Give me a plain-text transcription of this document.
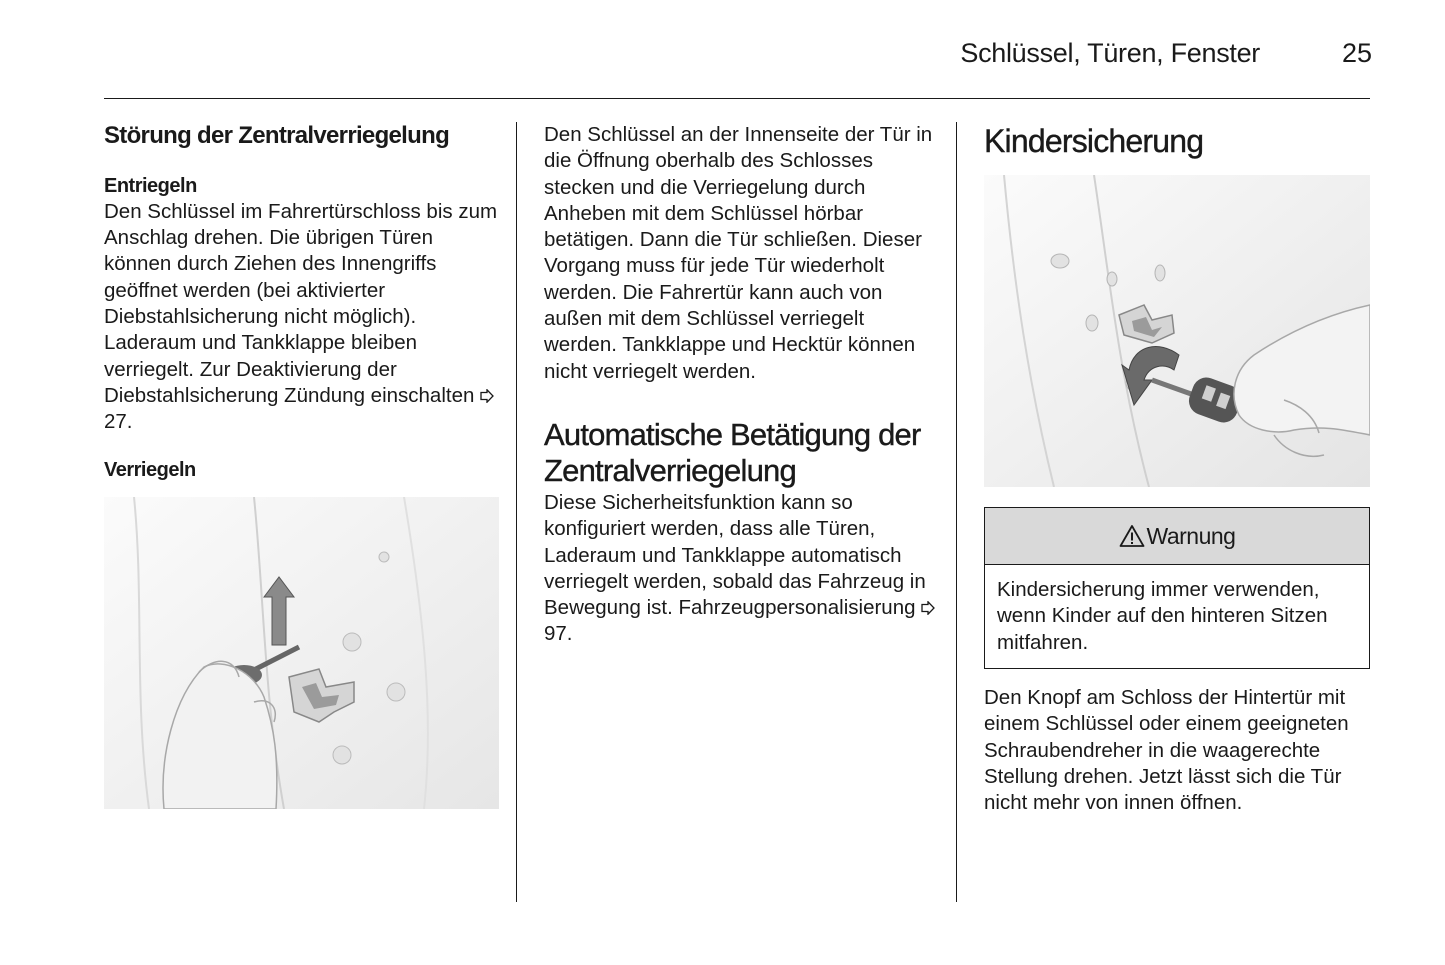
Schlüssel, Türen, Fenster	25
Störung der Zentralverriegelung
Entriegeln

Den Schlüssel im Fahrertürschloss bis zum Anschlag drehen. Die übrigen Türen können durch Ziehen des Innengriffs geöffnet werden (bei aktivierter Diebstahlsicherung nicht möglich). Laderaum und Tankklappe bleiben verriegelt. Zur Deaktivierung der Diebstahlsicherung Zündung einschalten  27.

Verriegeln

Den Schlüssel an der Innenseite der Tür in die Öffnung oberhalb des Schlosses stecken und die Verriegelung durch Anheben mit dem Schlüssel hörbar betätigen. Dann die Tür schließen. Dieser Vorgang muss für jede Tür wiederholt werden. Die Fahrertür kann auch von außen mit dem Schlüssel verriegelt werden. Tankklappe und Hecktür können nicht verriegelt werden.

Automatische Betätigung der Zentralverriegelung

Diese Sicherheitsfunktion kann so konfiguriert werden, dass alle Türen, Laderaum und Tankklappe automatisch verriegelt werden, sobald das Fahrzeug in Bewegung ist. Fahrzeugpersonalisierung  97.

Kindersicherung
Warnung

Kindersicherung immer verwenden, wenn Kinder auf den hinteren Sitzen mitfahren.

Den Knopf am Schloss der Hintertür mit einem Schlüssel oder einem geeigneten Schraubendreher in die waagerechte Stellung drehen. Jetzt lässt sich die Tür nicht mehr von innen öffnen.
